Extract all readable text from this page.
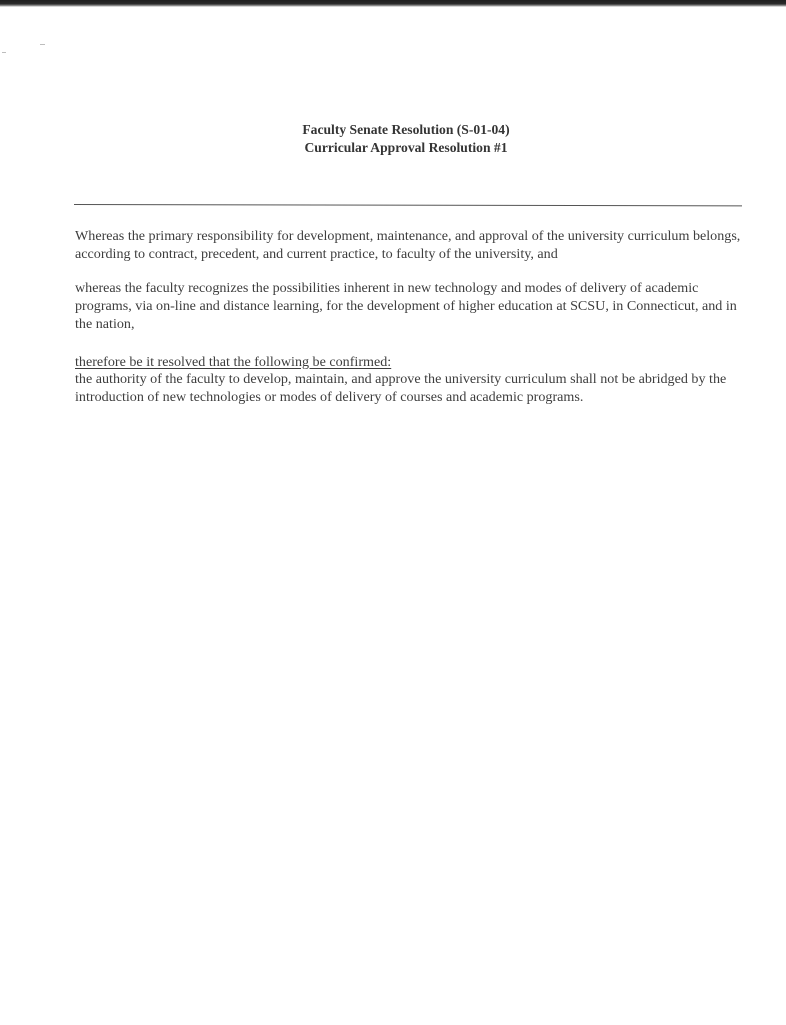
Faculty Senate Resolution (S-01-04)
Curricular Approval Resolution #1

Whereas the primary responsibility for development, maintenance, and approval of the university curriculum belongs, according to contract, precedent, and current practice, to faculty of the university, and

whereas the faculty recognizes the possibilities inherent in new technology and modes of delivery of academic programs, via on-line and distance learning, for the development of higher education at SCSU, in Connecticut, and in the nation,

therefore be it resolved that the following be confirmed:
the authority of the faculty to develop, maintain, and approve the university curriculum shall not be abridged by the introduction of new technologies or modes of delivery of courses and academic programs.
